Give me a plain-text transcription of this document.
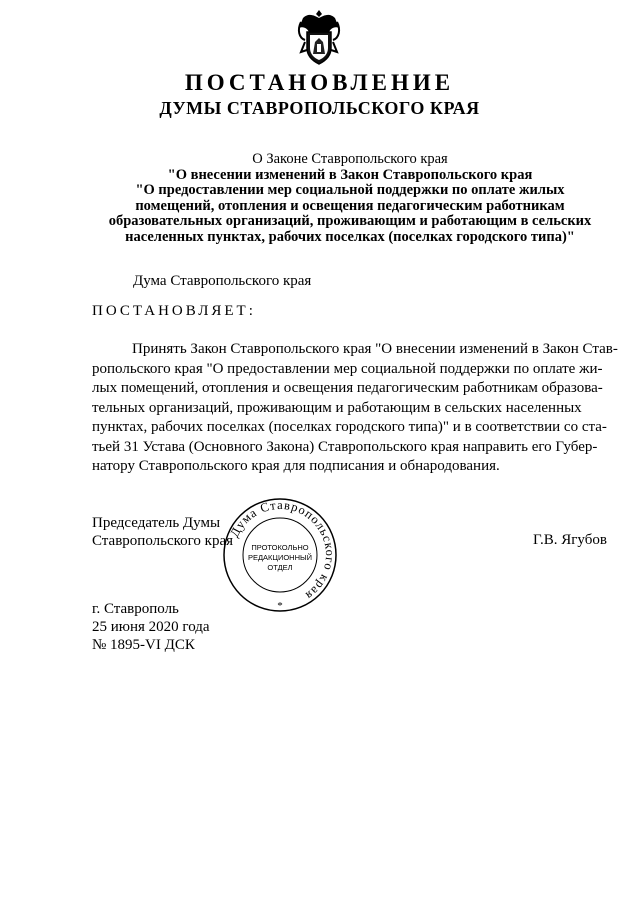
ПОСТАНОВЛЕНИЕ
ДУМЫ СТАВРОПОЛЬСКОГО КРАЯ
О Законе Ставропольского края
"О внесении изменений в Закон Ставропольского края
"О предоставлении мер социальной поддержки по оплате жилых
помещений, отопления и освещения педагогическим работникам
образовательных организаций, проживающим и работающим в сельских
населенных пунктах, рабочих поселках (поселках городского типа)"
Дума Ставропольского края
ПОСТАНОВЛЯЕТ:
Принять Закон Ставропольского края "О внесении изменений в Закон Став-
ропольского края "О предоставлении мер социальной поддержки по оплате жи-
лых помещений, отопления и освещения педагогическим работникам образова-
тельных организаций, проживающим и работающим в сельских населенных
пунктах, рабочих поселках (поселках городского типа)" и в соответствии со ста-
тьей 31 Устава (Основного Закона) Ставропольского края направить его Губер-
натору Ставропольского края для подписания и обнародования.
Председатель Думы
Ставропольского края	Г.В. Ягубов
Дума Ставропольского края
ПРОТОКОЛЬНО
РЕДАКЦИОННЫЙ
ОТДЕЛ
*
г. Ставрополь
25 июня 2020 года
№ 1895-VI ДСК
